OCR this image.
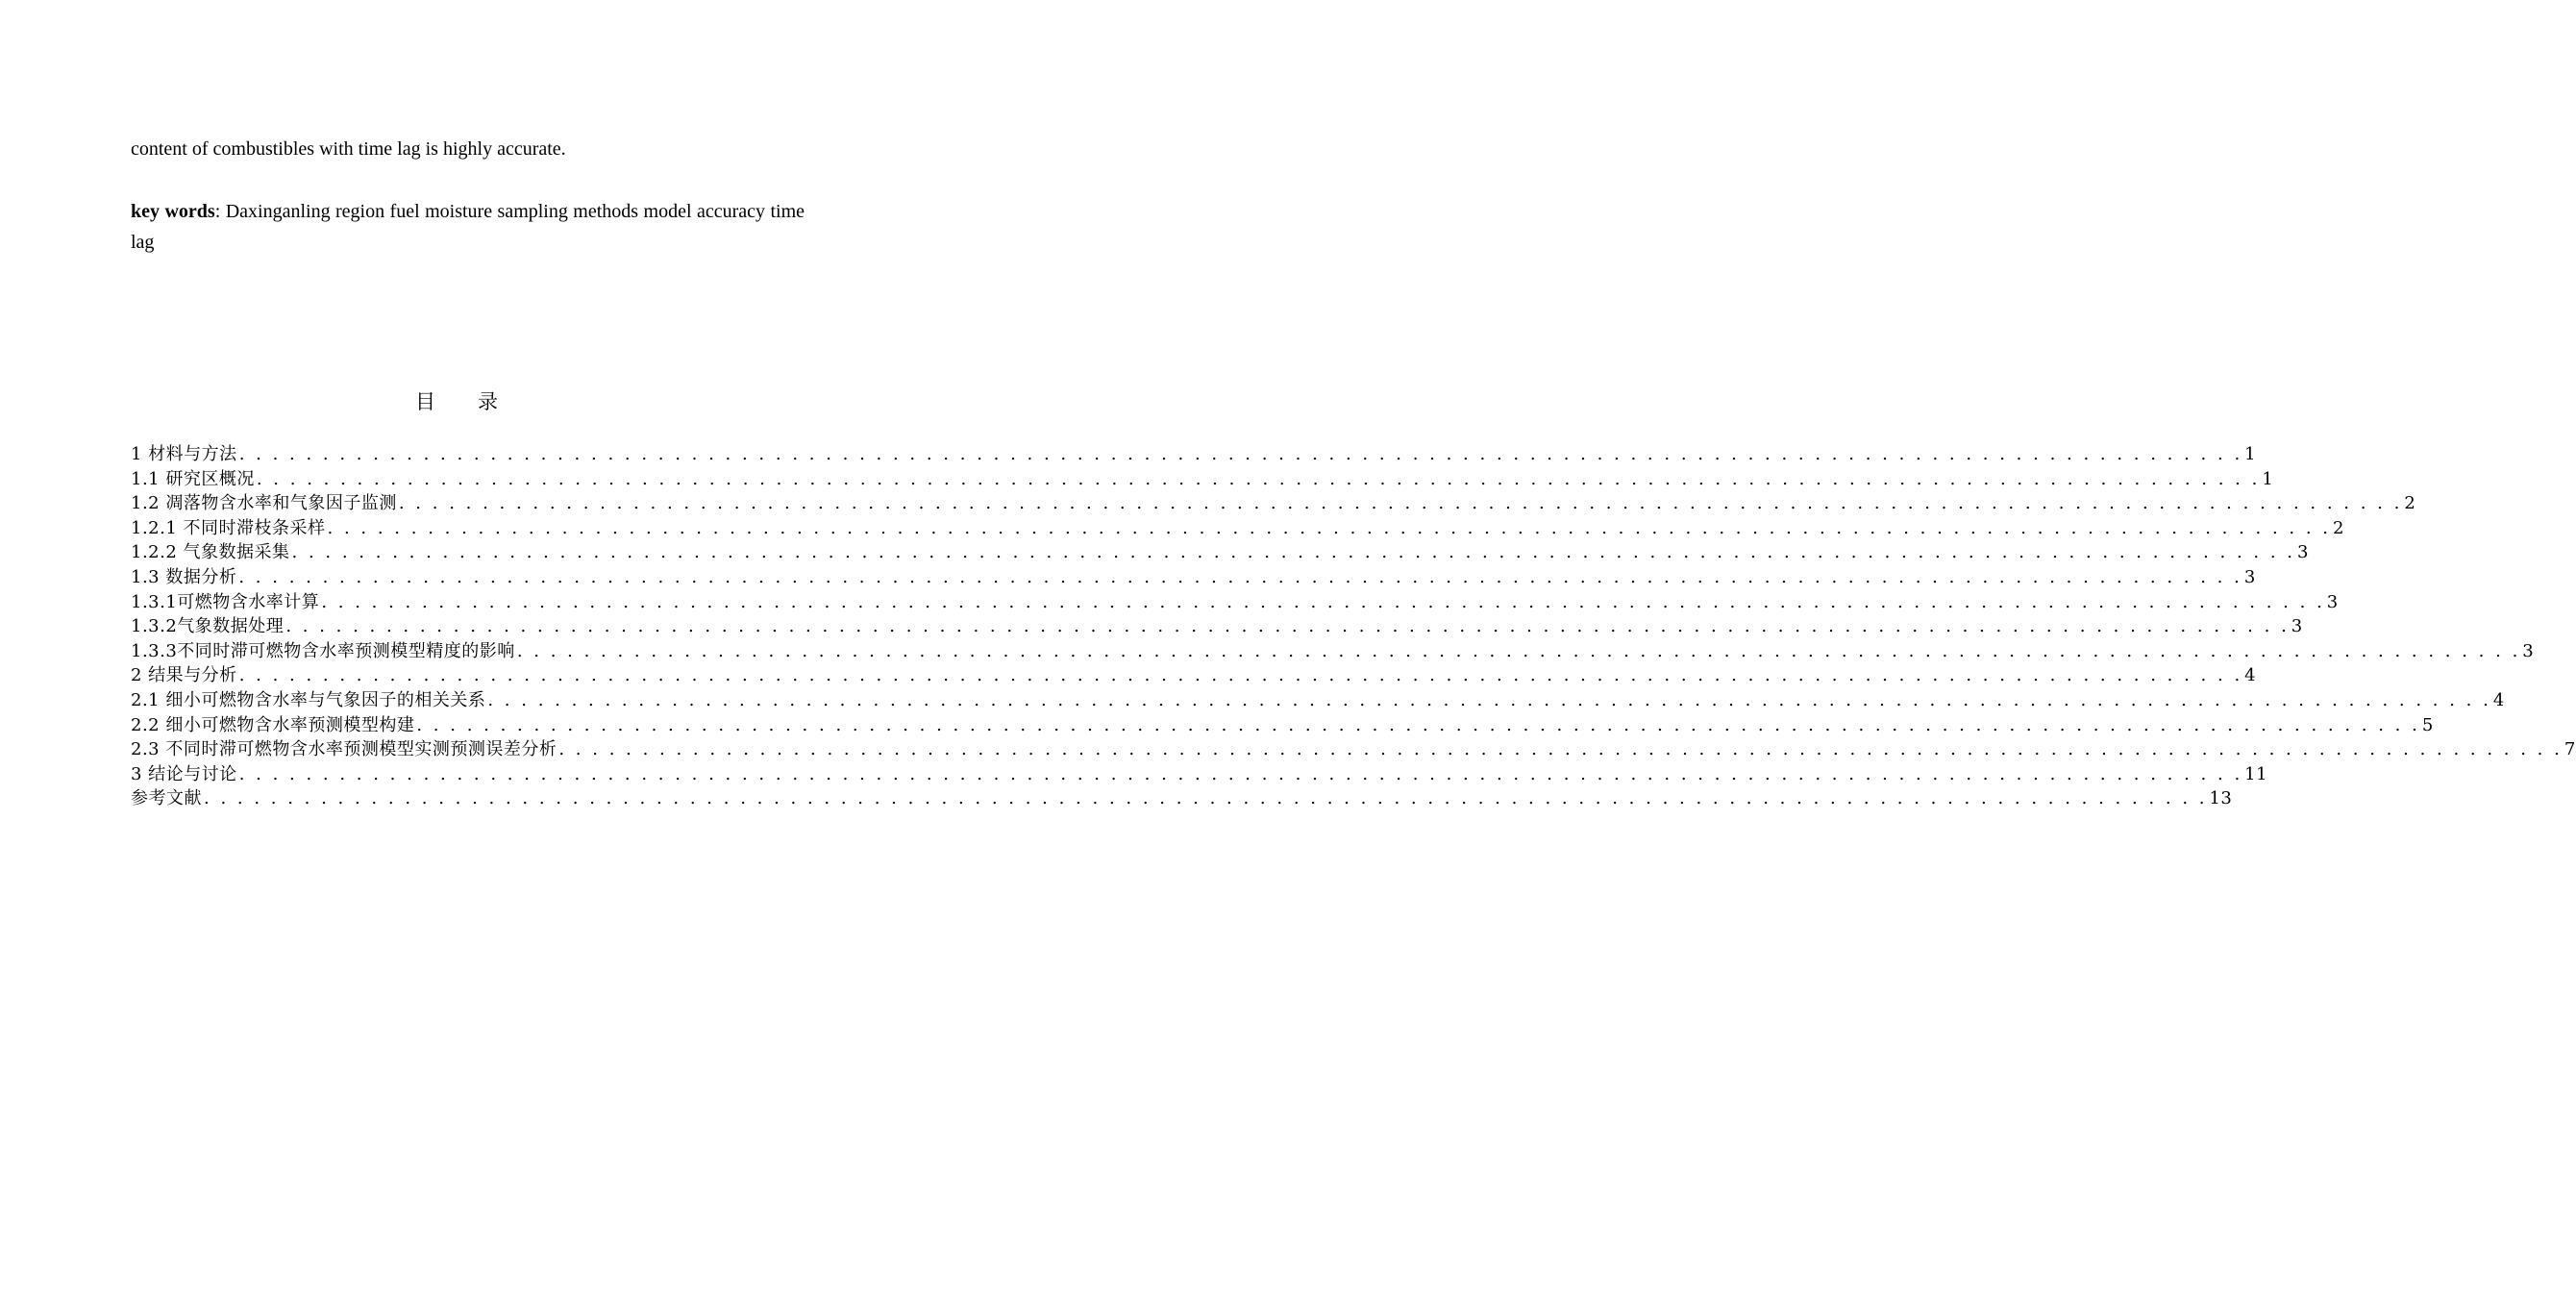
content of combustibles with time lag is highly accurate.

key words: Daxinganling region fuel moisture sampling methods model accuracy time lag

目录
1 材料与方法 . . . . . . . . . . . . . . . . . . . . . . . . . . . . . . . . . . . . . . . . . . . . . . . . . . . . . . . . . . . . . . . . . . . . . . . . . . . . . . . . . . . . . . . . . . . . . . . . . . . . . . . . . . . . . . . . . . . . . . . . 1
1.1 研究区概况 . . . . . . . . . . . . . . . . . . . . . . . . . . . . . . . . . . . . . . . . . . . . . . . . . . . . . . . . . . . . . . . . . . . . . . . . . . . . . . . . . . . . . . . . . . . . . . . . . . . . . . . . . . . . . . . . . . . . . . . . 1
1.2 凋落物含水率和气象因子监测 . . . . . . . . . . . . . . . . . . . . . . . . . . . . . . . . . . . . . . . . . . . . . . . . . . . . . . . . . . . . . . . . . . . . . . . . . . . . . . . . . . . . . . . . . . . . . . . . . . . . . . . . . . . . . . . . . . . . . . . . 2
1.2.1 不同时滞枝条采样 . . . . . . . . . . . . . . . . . . . . . . . . . . . . . . . . . . . . . . . . . . . . . . . . . . . . . . . . . . . . . . . . . . . . . . . . . . . . . . . . . . . . . . . . . . . . . . . . . . . . . . . . . . . . . . . . . . . . . . . . 2
1.2.2 气象数据采集 . . . . . . . . . . . . . . . . . . . . . . . . . . . . . . . . . . . . . . . . . . . . . . . . . . . . . . . . . . . . . . . . . . . . . . . . . . . . . . . . . . . . . . . . . . . . . . . . . . . . . . . . . . . . . . . . . . . . . . . . 3
1.3 数据分析 . . . . . . . . . . . . . . . . . . . . . . . . . . . . . . . . . . . . . . . . . . . . . . . . . . . . . . . . . . . . . . . . . . . . . . . . . . . . . . . . . . . . . . . . . . . . . . . . . . . . . . . . . . . . . . . . . . . . . . . . 3
1.3.1可燃物含水率计算 . . . . . . . . . . . . . . . . . . . . . . . . . . . . . . . . . . . . . . . . . . . . . . . . . . . . . . . . . . . . . . . . . . . . . . . . . . . . . . . . . . . . . . . . . . . . . . . . . . . . . . . . . . . . . . . . . . . . . . . . 3
1.3.2气象数据处理 . . . . . . . . . . . . . . . . . . . . . . . . . . . . . . . . . . . . . . . . . . . . . . . . . . . . . . . . . . . . . . . . . . . . . . . . . . . . . . . . . . . . . . . . . . . . . . . . . . . . . . . . . . . . . . . . . . . . . . . . 3
1.3.3不同时滞可燃物含水率预测模型精度的影响 . . . . . . . . . . . . . . . . . . . . . . . . . . . . . . . . . . . . . . . . . . . . . . . . . . . . . . . . . . . . . . . . . . . . . . . . . . . . . . . . . . . . . . . . . . . . . . . . . . . . . . . . . . . . . . . . . . . . . . . . 3
2 结果与分析 . . . . . . . . . . . . . . . . . . . . . . . . . . . . . . . . . . . . . . . . . . . . . . . . . . . . . . . . . . . . . . . . . . . . . . . . . . . . . . . . . . . . . . . . . . . . . . . . . . . . . . . . . . . . . . . . . . . . . . . . 4
2.1 细小可燃物含水率与气象因子的相关关系 . . . . . . . . . . . . . . . . . . . . . . . . . . . . . . . . . . . . . . . . . . . . . . . . . . . . . . . . . . . . . . . . . . . . . . . . . . . . . . . . . . . . . . . . . . . . . . . . . . . . . . . . . . . . . . . . . . . . . . . . 4
2.2 细小可燃物含水率预测模型构建 . . . . . . . . . . . . . . . . . . . . . . . . . . . . . . . . . . . . . . . . . . . . . . . . . . . . . . . . . . . . . . . . . . . . . . . . . . . . . . . . . . . . . . . . . . . . . . . . . . . . . . . . . . . . . . . . . . . . . . . . 5
2.3 不同时滞可燃物含水率预测模型实测预测误差分析 . . . . . . . . . . . . . . . . . . . . . . . . . . . . . . . . . . . . . . . . . . . . . . . . . . . . . . . . . . . . . . . . . . . . . . . . . . . . . . . . . . . . . . . . . . . . . . . . . . . . . . . . . . . . . . . . . . . . . . . . 7
3 结论与讨论 . . . . . . . . . . . . . . . . . . . . . . . . . . . . . . . . . . . . . . . . . . . . . . . . . . . . . . . . . . . . . . . . . . . . . . . . . . . . . . . . . . . . . . . . . . . . . . . . . . . . . . . . . . . . . . . . . . . . . . . . 11
参考文献 . . . . . . . . . . . . . . . . . . . . . . . . . . . . . . . . . . . . . . . . . . . . . . . . . . . . . . . . . . . . . . . . . . . . . . . . . . . . . . . . . . . . . . . . . . . . . . . . . . . . . . . . . . . . . . . . . . . . . . . . 13
